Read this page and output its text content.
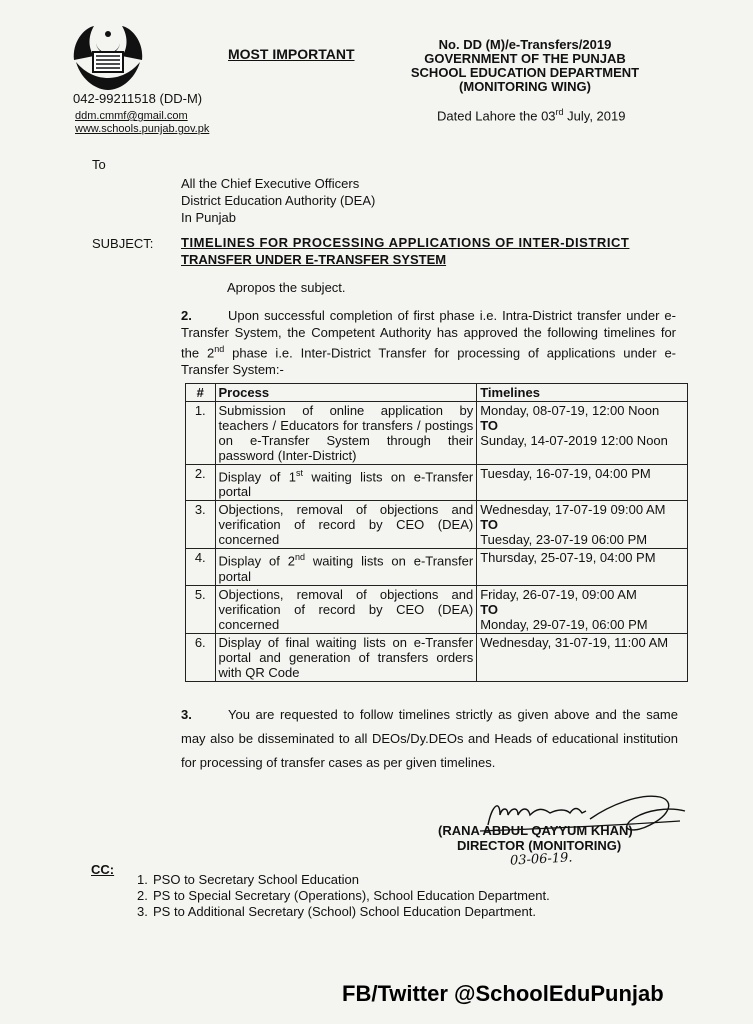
MOST IMPORTANT
No. DD (M)/e-Transfers/2019
GOVERNMENT OF THE PUNJAB
SCHOOL EDUCATION DEPARTMENT
(MONITORING WING)
Dated Lahore the 03rd July, 2019
042-99211518 (DD-M)
ddm.cmmf@gmail.com
www.schools.punjab.gov.pk
To
All the Chief Executive Officers
District Education Authority (DEA)
In Punjab
SUBJECT: TIMELINES FOR PROCESSING APPLICATIONS OF INTER-DISTRICT
TRANSFER UNDER E-TRANSFER SYSTEM
Apropos the subject.
2.	Upon successful completion of first phase i.e. Intra-District transfer under e-Transfer System, the Competent Authority has approved the following timelines for the 2nd phase i.e. Inter-District Transfer for processing of applications under e-Transfer System:-
#	Process	Timelines
1.	Submission of online application by teachers / Educators for transfers / postings on e-Transfer System through their password (Inter-District)	Monday, 08-07-19, 12:00 Noon
TO
Sunday, 14-07-2019 12:00 Noon

2.	Display of 1st waiting lists on e-Transfer portal	Tuesday, 16-07-19, 04:00 PM

3.	Objections, removal of objections and verification of record by CEO (DEA) concerned	Wednesday, 17-07-19 09:00 AM
TO
Tuesday, 23-07-19 06:00 PM

4.	Display of 2nd waiting lists on e-Transfer portal	Thursday, 25-07-19, 04:00 PM

5.	Objections, removal of objections and verification of record by CEO (DEA) concerned	Friday, 26-07-19, 09:00 AM
TO
Monday, 29-07-19, 06:00 PM

6.	Display of final waiting lists on e-Transfer portal and generation of transfers orders with QR Code	Wednesday, 31-07-19, 11:00 AM
3.	You are requested to follow timelines strictly as given above and the same may also be disseminated to all DEOs/Dy.DEOs and Heads of educational institution for processing of transfer cases as per given timelines.
(RANA ABDUL QAYYUM KHAN)
DIRECTOR (MONITORING)
03-06-19.
CC:
1. PSO to Secretary School Education
2. PS to Special Secretary (Operations), School Education Department.
3. PS to Additional Secretary (School) School Education Department.
FB/Twitter @SchoolEduPunjab
